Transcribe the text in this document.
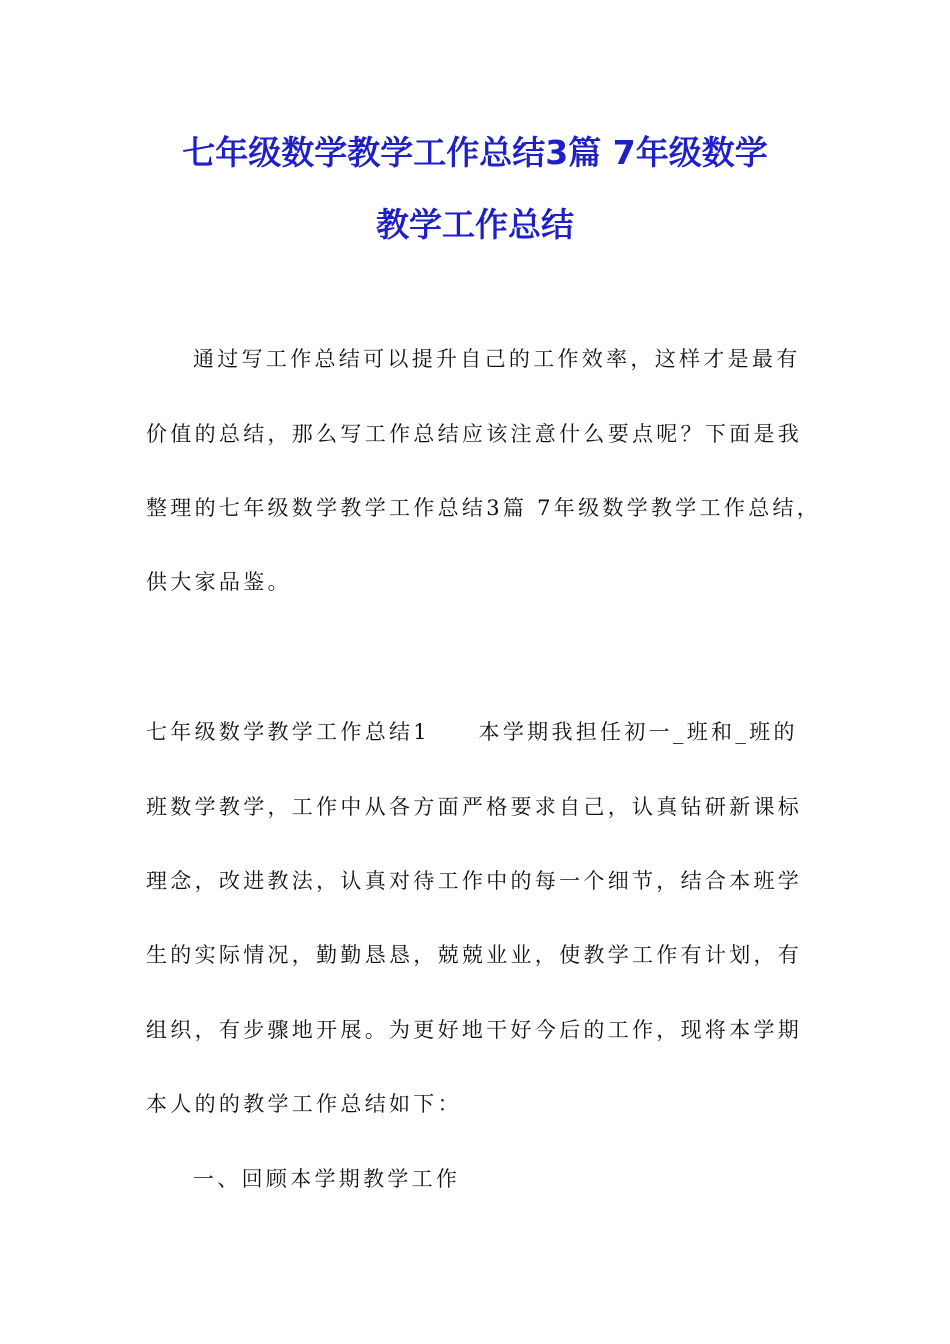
七年级数学教学工作总结3篇 7年级数学
教学工作总结
通过写工作总结可以提升自己的工作效率，这样才是最有
价值的总结，那么写工作总结应该注意什么要点呢？下面是我
整理的七年级数学教学工作总结3篇 7年级数学教学工作总结，
供大家品鉴。
七年级数学教学工作总结1　　本学期我担任初一_班和_班的
班数学教学，工作中从各方面严格要求自己，认真钻研新课标
理念，改进教法，认真对待工作中的每一个细节，结合本班学
生的实际情况，勤勤恳恳，兢兢业业，使教学工作有计划，有
组织，有步骤地开展。为更好地干好今后的工作，现将本学期
本人的的教学工作总结如下：
一、回顾本学期教学工作
